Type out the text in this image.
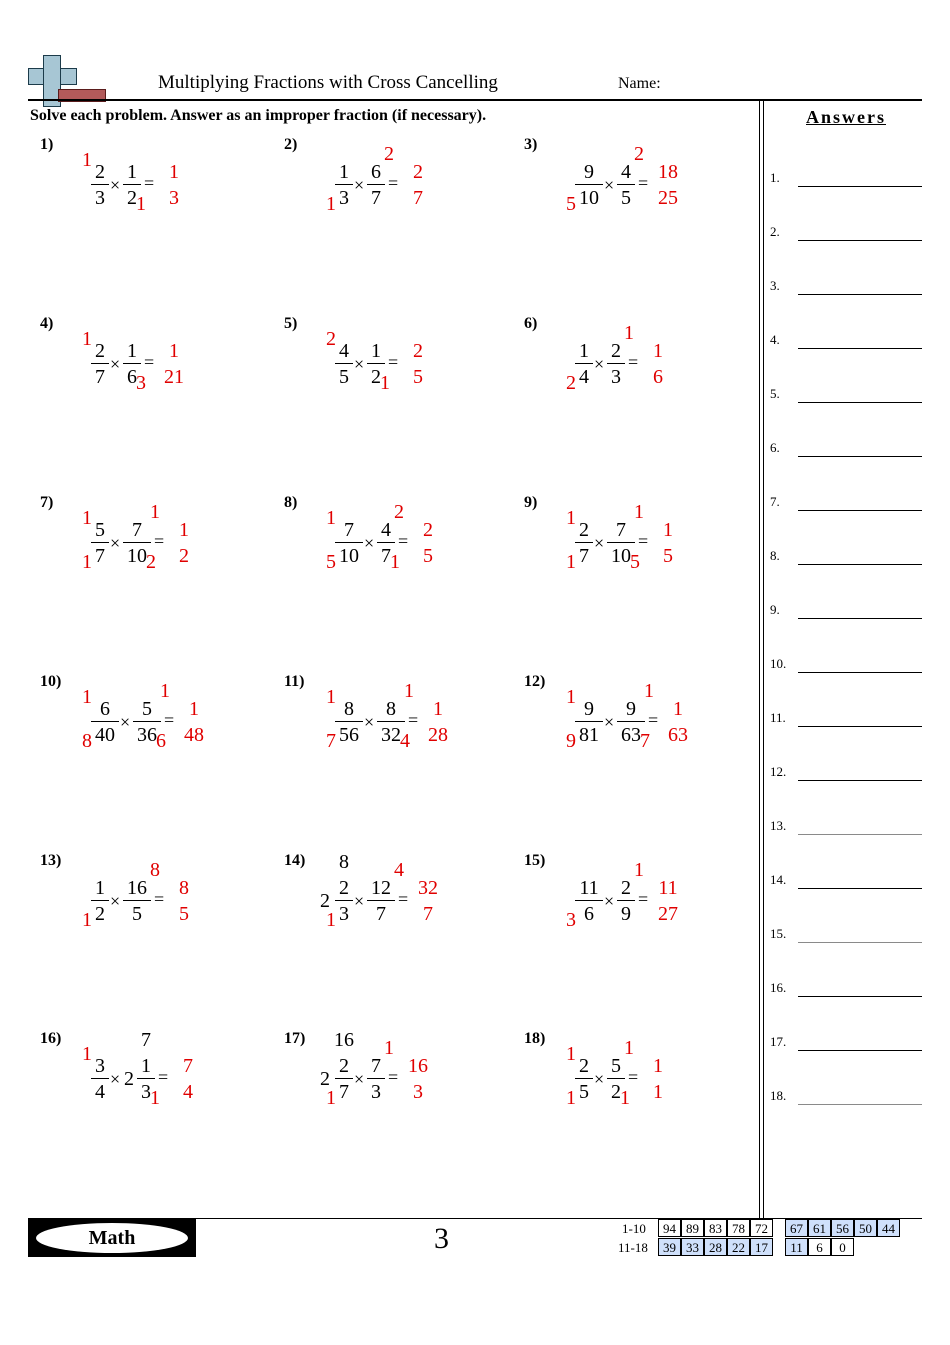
Multiplying Fractions with Cross Cancelling	Name:
Solve each problem. Answer as an improper fraction (if necessary).	Answers
1.
2.
3.
4.
5.
6.
7.
8.
9.
10.
11.
12.
13.
14.
15.
16.
17.
18.
1)
2
3
1
×
1
2 1
= 1
3
2)
1
3
1
×
6
7
2
= 2
7
3)
9
10
5
×
4
5
2
= 18
25
4)
2
7
1
×
1
6 3
= 1
21
5)
4
5
2
×
1
2 1
= 2
5
6)
1
4
2
×
2
3
1
= 1
6
7)
5
7
1
1
×
7
10
1
2
= 1
2
8)
7
10
1
5
×
4
7
2
1
= 2
5
9)
2
7
1
1
×
7
10
1
5
= 1
5
10)
6
40
1
8
×
5
36
1
6
= 1
48
11)
8
56
1
7
×
8
32
1
4
= 1
28
12)
9
81
1
9
×
9
63
1
7
= 1
63
13)
1
2
1
×
16
5
8
= 8
5
14)
2
8
2
3
1
×
12
7
4
= 32
7
15)
11
6
3
×
2
9
1
= 11
27
16)
3
4
1
× 2
7
1
3 1
= 7
4
17)
2
16
2
7
1
×
7
3
1
= 16
3
18)
2
5
1
1
×
5
2
1
1
= 1
1
Math	3	1-10
11-18
94 89 83 78 72	67 61 56 50 44
39 33 28 22 17	11	6	0
